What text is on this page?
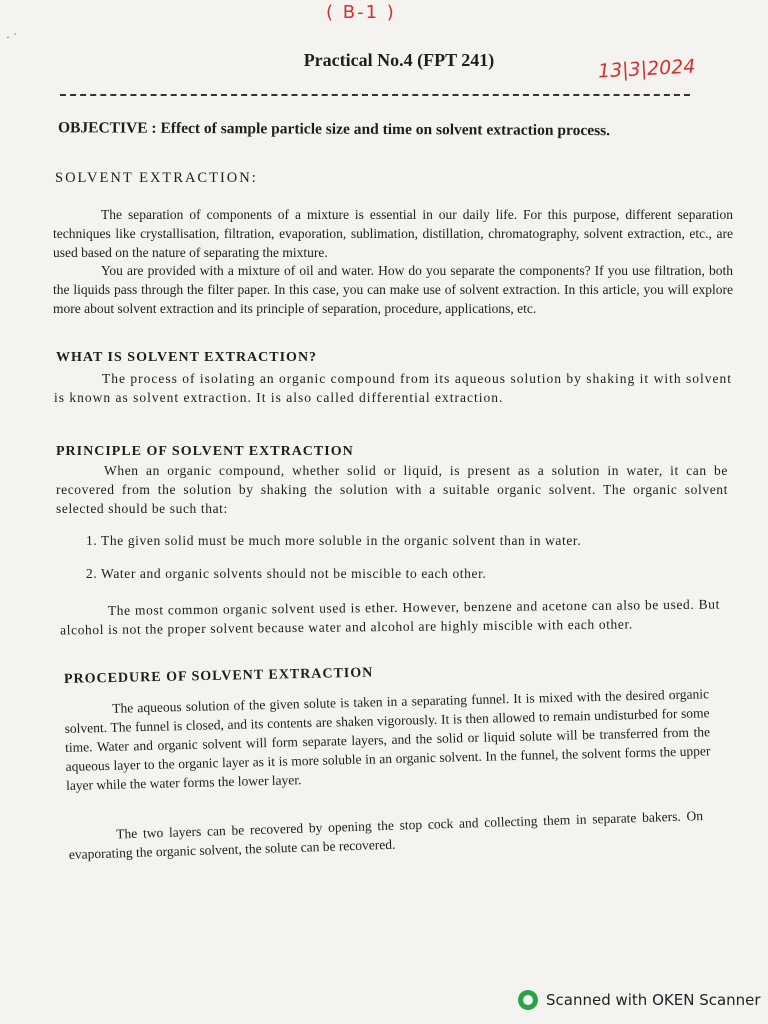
· ˙
( B-1 )
13|3|2024
Practical No.4 (FPT 241)
OBJECTIVE : Effect of sample particle size and time on solvent extraction process.
SOLVENT EXTRACTION:
The separation of components of a mixture is essential in our daily life. For this purpose, different separation techniques like crystallisation, filtration, evaporation, sublimation, distillation, chromatography, solvent extraction, etc., are used based on the nature of separating the mixture.
You are provided with a mixture of oil and water. How do you separate the components? If you use filtration, both the liquids pass through the filter paper. In this case, you can make use of solvent extraction. In this article, you will explore more about solvent extraction and its principle of separation, procedure, applications, etc.
WHAT IS SOLVENT EXTRACTION?
The process of isolating an organic compound from its aqueous solution by shaking it with solvent is known as solvent extraction. It is also called differential extraction.
PRINCIPLE OF SOLVENT EXTRACTION
When an organic compound, whether solid or liquid, is present as a solution in water, it can be recovered from the solution by shaking the solution with a suitable organic solvent. The organic solvent selected should be such that:
1. The given solid must be much more soluble in the organic solvent than in water.
2. Water and organic solvents should not be miscible to each other.
The most common organic solvent used is ether. However, benzene and acetone can also be used. But alcohol is not the proper solvent because water and alcohol are highly miscible with each other.
PROCEDURE OF SOLVENT EXTRACTION
The aqueous solution of the given solute is taken in a separating funnel. It is mixed with the desired organic solvent. The funnel is closed, and its contents are shaken vigorously. It is then allowed to remain undisturbed for some time. Water and organic solvent will form separate layers, and the solid or liquid solute will be transferred from the aqueous layer to the organic layer as it is more soluble in an organic solvent. In the funnel, the solvent forms the upper layer while the water forms the lower layer.
The two layers can be recovered by opening the stop cock and collecting them in separate bakers. On evaporating the organic solvent, the solute can be recovered.
Scanned with OKEN Scanner
